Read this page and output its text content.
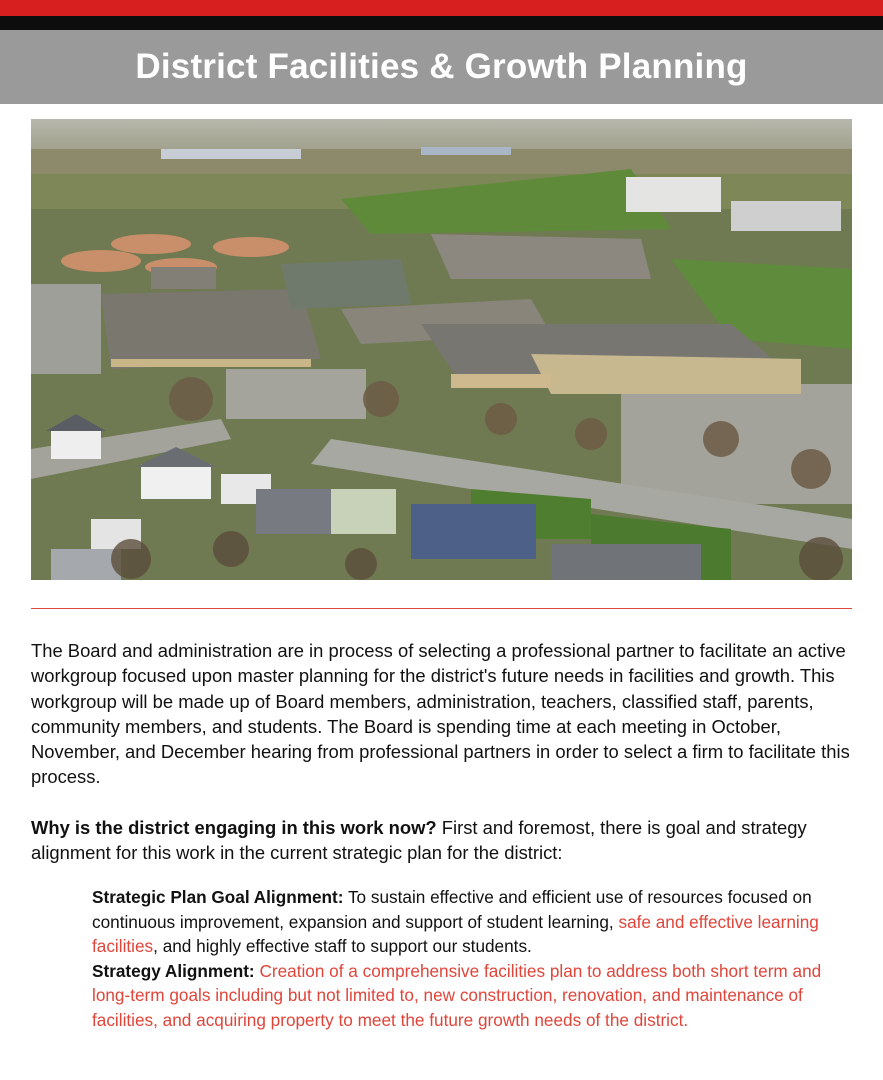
District Facilities & Growth Planning

The Board and administration are in process of selecting a professional partner to facilitate an active workgroup focused upon master planning for the district's future needs in facilities and growth. This workgroup will be made up of Board members, administration, teachers, classified staff, parents, community members, and students. The Board is spending time at each meeting in October, November, and December hearing from professional partners in order to select a firm to facilitate this process.

Why is the district engaging in this work now? First and foremost, there is goal and strategy alignment for this work in the current strategic plan for the district:

Strategic Plan Goal Alignment: To sustain effective and efficient use of resources focused on continuous improvement, expansion and support of student learning, safe and effective learning facilities, and highly effective staff to support our students.
Strategy Alignment: Creation of a comprehensive facilities plan to address both short term and long-term goals including but not limited to, new construction, renovation, and maintenance of facilities, and acquiring property to meet the future growth needs of the district.
